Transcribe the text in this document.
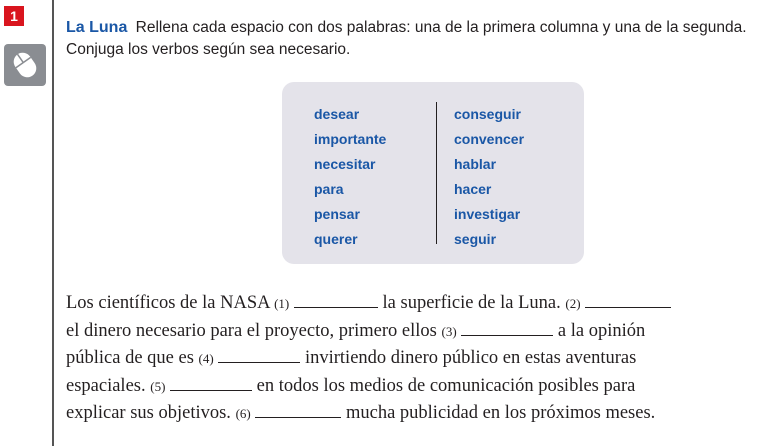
1
La Luna Rellena cada espacio con dos palabras: una de la primera columna y una de la segunda. Conjuga los verbos según sea necesario.
desear
importante
necesitar
para
pensar
querer
conseguir
convencer
hablar
hacer
investigar
seguir
Los científicos de la NASA (1)	la superficie de la Luna. (2)
el dinero necesario para el proyecto, primero ellos (3)	a la opinión
pública de que es (4)	invirtiendo dinero público en estas aventuras
espaciales. (5)	en todos los medios de comunicación posibles para
explicar sus objetivos. (6)	mucha publicidad en los próximos meses.
